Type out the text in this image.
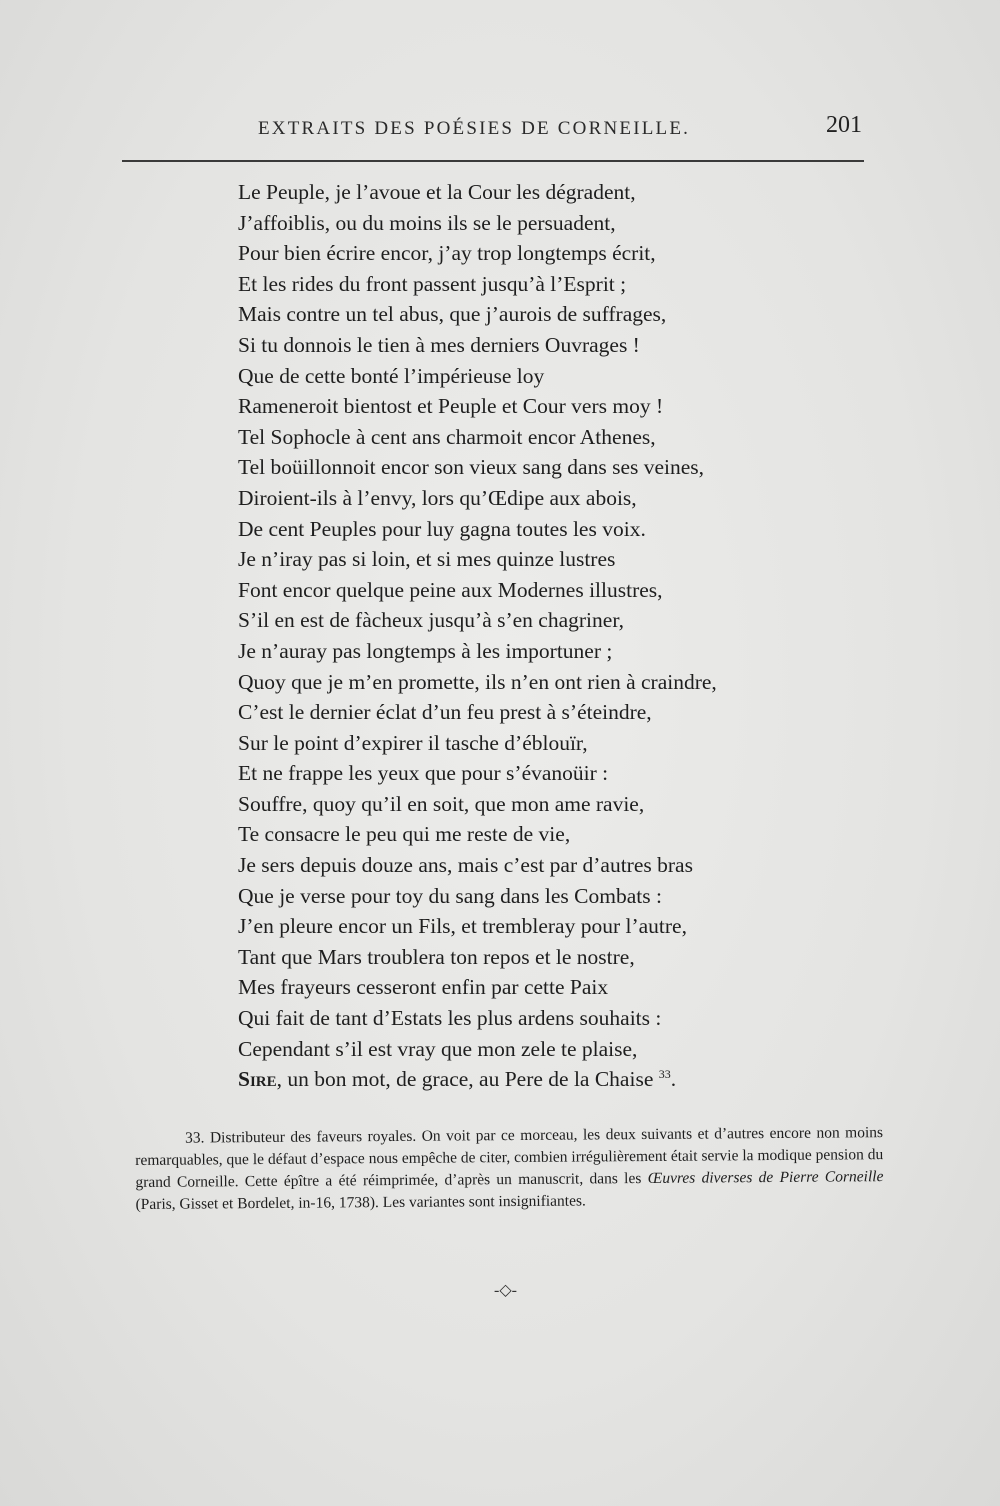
EXTRAITS DES POÉSIES DE CORNEILLE.	201
Le Peuple, je l’avoue et la Cour les dégradent,
J’affoiblis, ou du moins ils se le persuadent,
Pour bien écrire encor, j’ay trop longtemps écrit,
Et les rides du front passent jusqu’à l’Esprit ;
Mais contre un tel abus, que j’aurois de suffrages,
Si tu donnois le tien à mes derniers Ouvrages !
Que de cette bonté l’impérieuse loy
Rameneroit bientost et Peuple et Cour vers moy !
Tel Sophocle à cent ans charmoit encor Athenes,
Tel boüillonnoit encor son vieux sang dans ses veines,
Diroient-ils à l’envy, lors qu’Œdipe aux abois,
De cent Peuples pour luy gagna toutes les voix.
Je n’iray pas si loin, et si mes quinze lustres
Font encor quelque peine aux Modernes illustres,
S’il en est de fàcheux jusqu’à s’en chagriner,
Je n’auray pas longtemps à les importuner ;
Quoy que je m’en promette, ils n’en ont rien à craindre,
C’est le dernier éclat d’un feu prest à s’éteindre,
Sur le point d’expirer il tasche d’éblouïr,
Et ne frappe les yeux que pour s’évanoüir :
Souffre, quoy qu’il en soit, que mon ame ravie,
Te consacre le peu qui me reste de vie,
Je sers depuis douze ans, mais c’est par d’autres bras
Que je verse pour toy du sang dans les Combats :
J’en pleure encor un Fils, et trembleray pour l’autre,
Tant que Mars troublera ton repos et le nostre,
Mes frayeurs cesseront enfin par cette Paix
Qui fait de tant d’Estats les plus ardens souhaits :
Cependant s’il est vray que mon zele te plaise,
Sire, un bon mot, de grace, au Pere de la Chaise $^{33}$.
33. Distributeur des faveurs royales. On voit par ce morceau, les deux suivants et d’autres encore non moins remarquables, que le défaut d’espace nous empêche de citer, combien irrégulièrement était servie la modique pension du grand Corneille. Cette épître a été réimprimée, d’après un manuscrit, dans les Œuvres diverses de Pierre Corneille (Paris, Gisset et Bordelet, in-16, 1738). Les variantes sont insignifiantes.
-◇-
